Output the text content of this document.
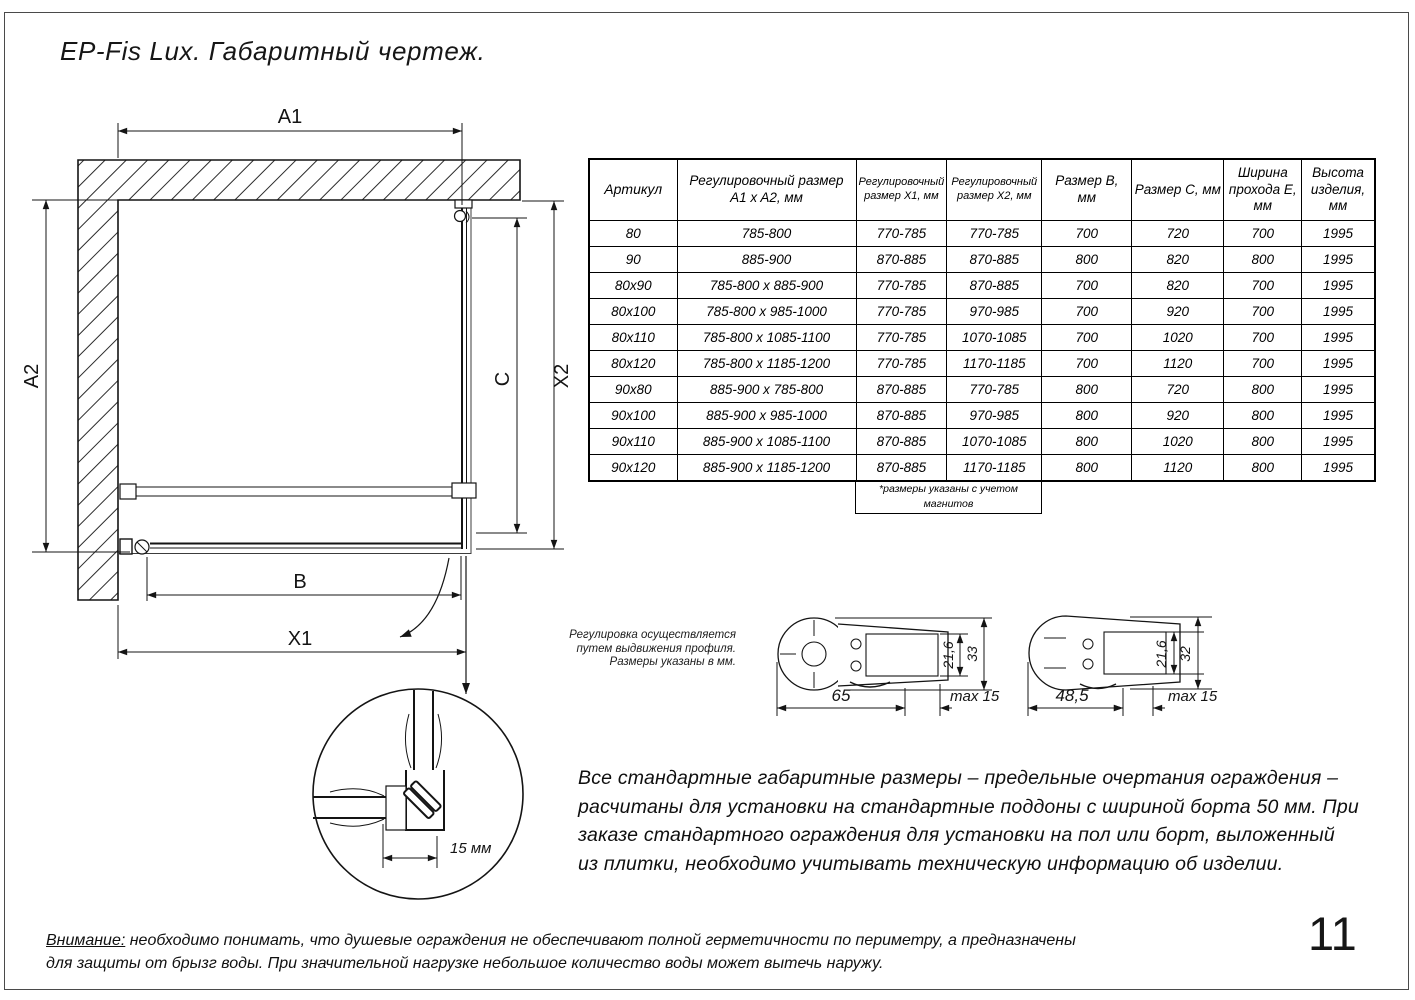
EP-Fis Lux. Габаритный чертеж.
A1
A2	X2
C
B
X1
15 мм
65	max 15
21,6 33
48,5	max 15
21,6 32
Артикул	Регулировочный размер A1 x A2, мм	Регулировочный размер X1, мм	Регулировочный размер X2, мм	Размер B, мм	Размер C, мм	Ширина прохода E, мм	Высота изделия, мм
80	785-800	770-785	770-785	700	720	700	1995
90	885-900	870-885	870-885	800	820	800	1995
80x90	785-800 x 885-900	770-785	870-885	700	820	700	1995
80x100	785-800 x 985-1000	770-785	970-985	700	920	700	1995
80x110	785-800 x 1085-1100	770-785	1070-1085	700	1020	700	1995
80x120	785-800 x 1185-1200	770-785	1170-1185	700	1120	700	1995
90x80	885-900 x 785-800	870-885	770-785	800	720	800	1995
90x100	885-900 x 985-1000	870-885	970-985	800	920	800	1995
90x110	885-900 x 1085-1100	870-885	1070-1085	800	1020	800	1995
90x120	885-900 x 1185-1200	870-885	1170-1185	800	1120	800	1995
*размеры указаны с учетом магнитов
Регулировка осуществляется
путем выдвижения профиля.
Размеры указаны в мм.
Все стандартные габаритные размеры – предельные очертания ограждения –
расчитаны для установки на стандартные поддоны с шириной борта 50 мм. При
заказе стандартного ограждения для установки на пол или борт, выложенный
из плитки, необходимо учитывать техническую информацию об изделии.
Внимание: необходимо понимать, что душевые ограждения не обеспечивают полной герметичности по периметру, а предназначены
для защиты от брызг воды. При значительной нагрузке небольшое количество воды может вытечь наружу.
11
